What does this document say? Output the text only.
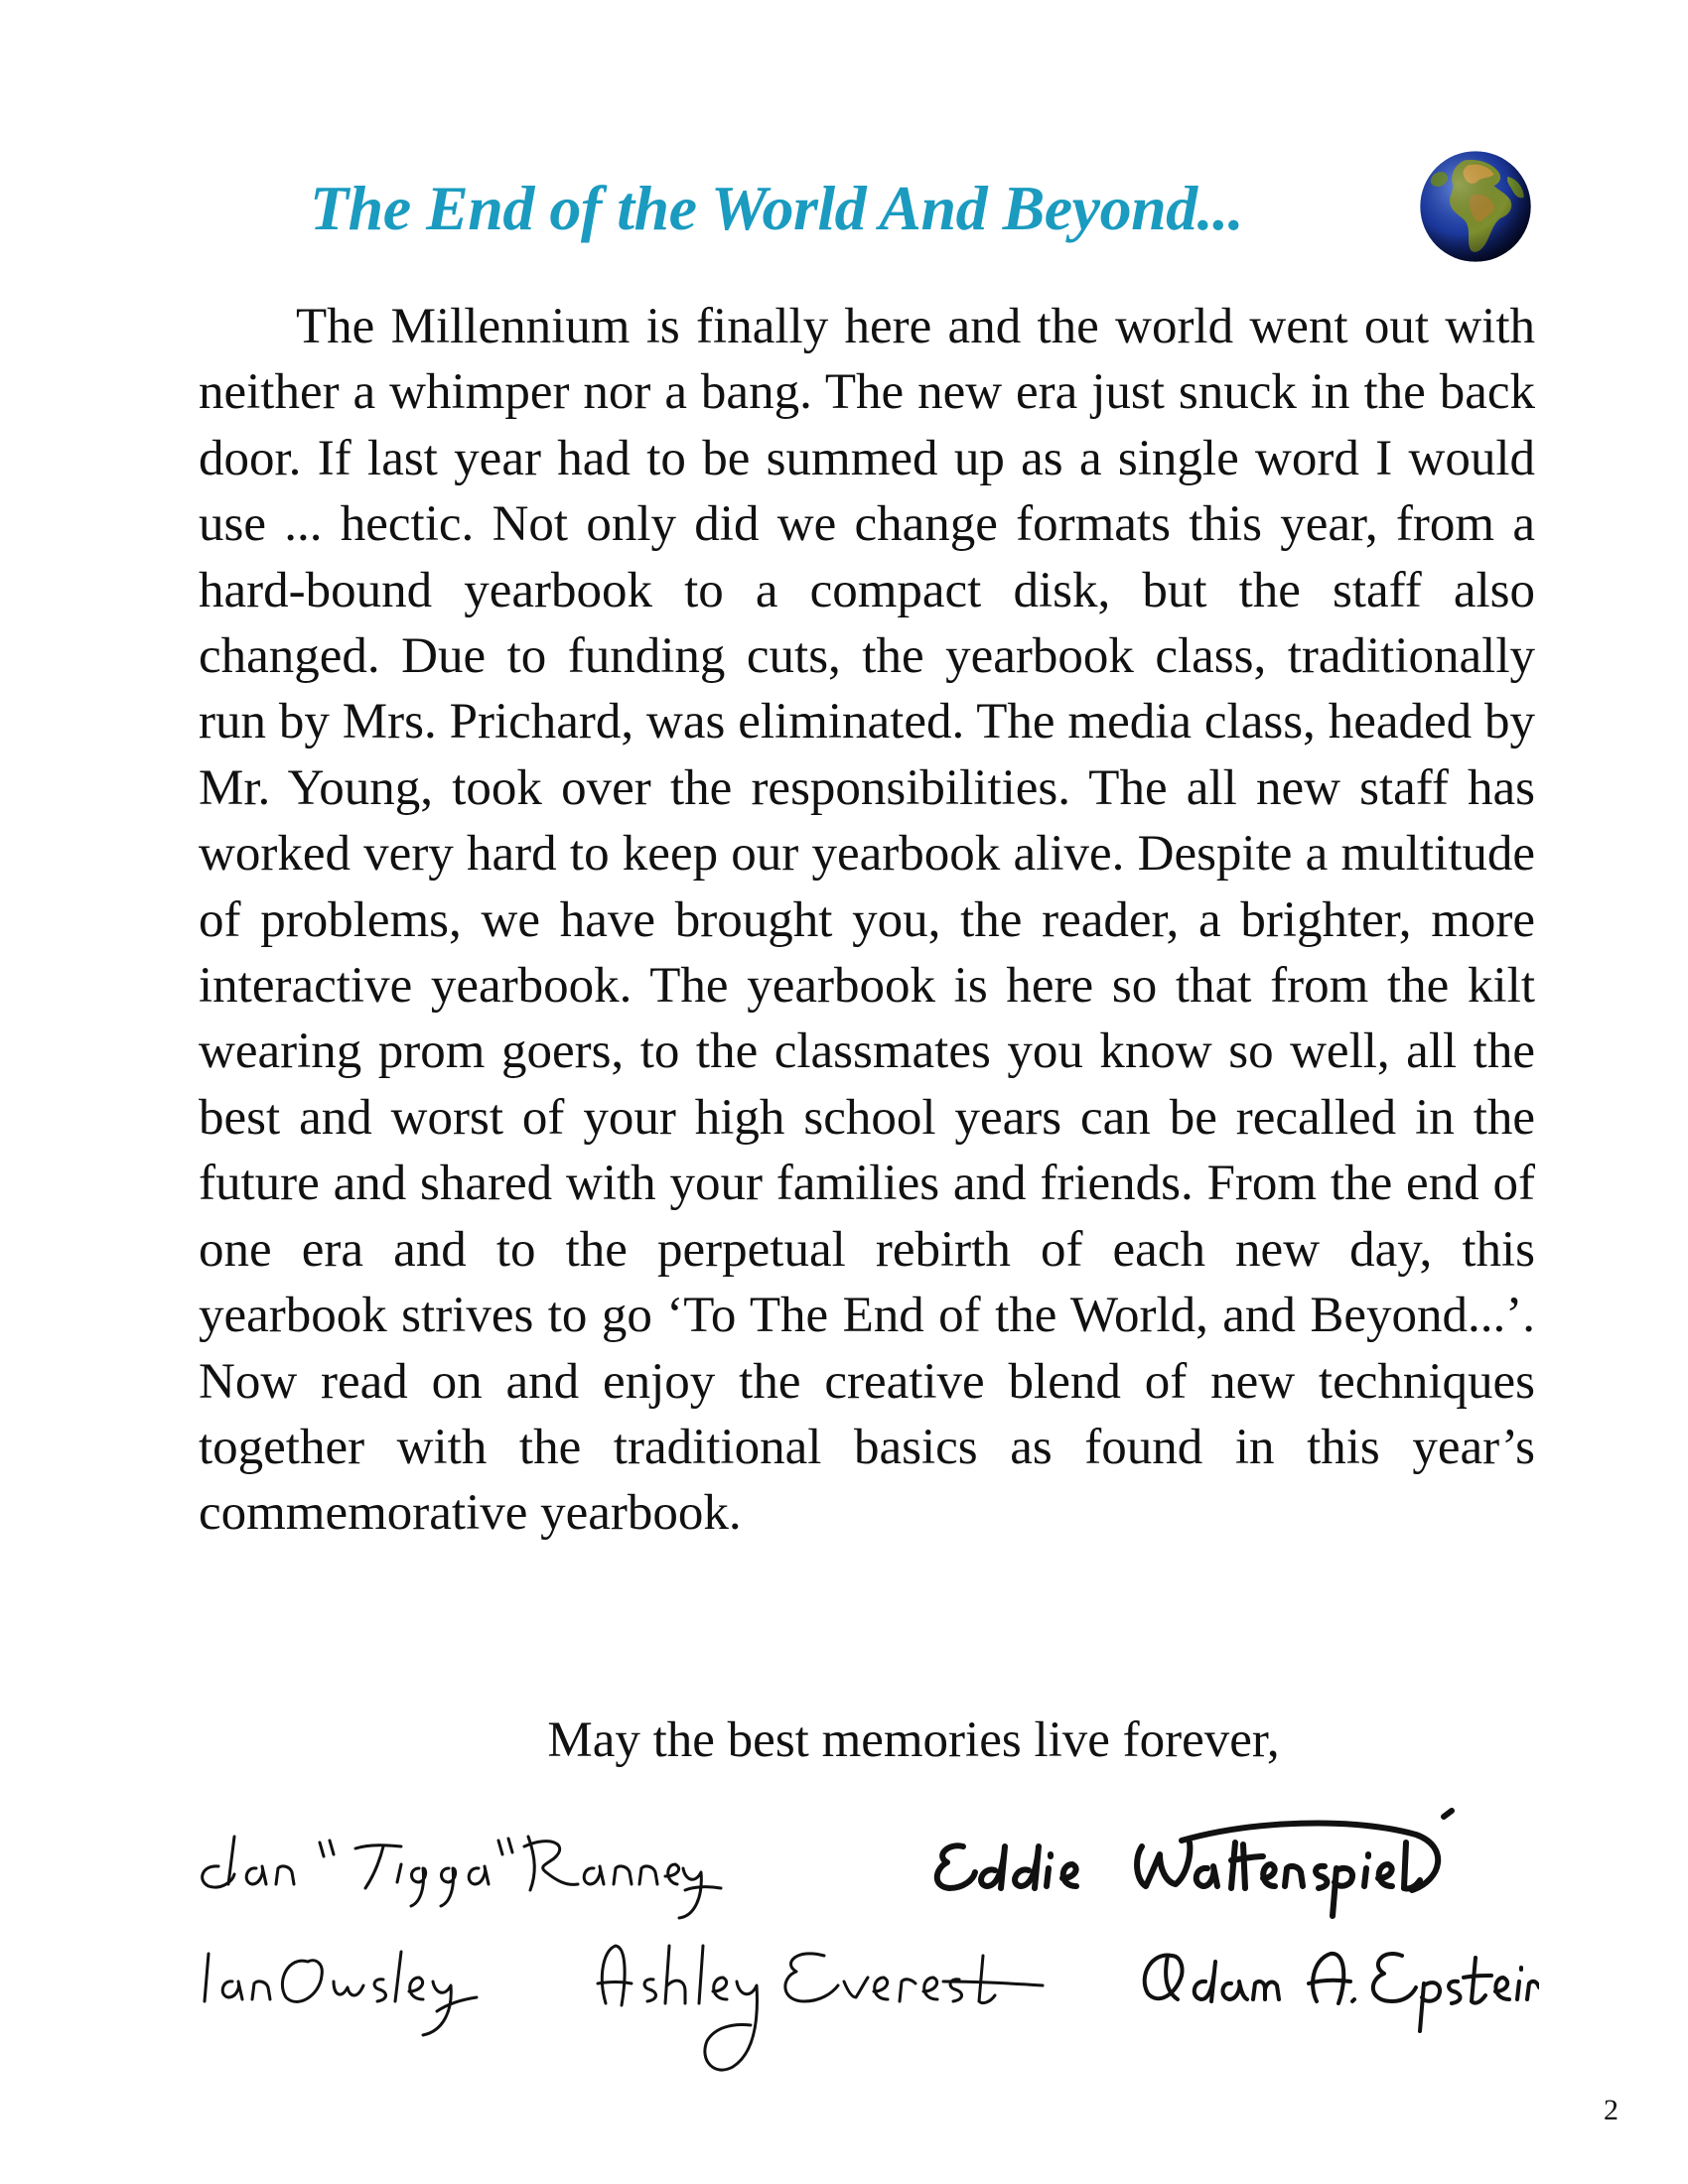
The End of the World And Beyond...

The Millennium is finally here and the world went out with neither a whimper nor a bang. The new era just snuck in the back door. If last year had to be summed up as a single word I would use ... hectic. Not only did we change formats this year, from a hard-bound yearbook to a compact disk, but the staff also changed. Due to funding cuts, the yearbook class, traditionally run by Mrs. Prichard, was eliminated. The media class, headed by Mr. Young, took over the responsibilities. The all new staff has worked very hard to keep our yearbook alive. Despite a multitude of problems, we have brought you, the reader, a brighter, more interactive yearbook. The yearbook is here so that from the kilt wearing prom goers, to the classmates you know so well, all the best and worst of your high school years can be recalled in the future and shared with your families and friends. From the end of one era and to the perpetual rebirth of each new day, this yearbook strives to go ‘To The End of the World, and Beyond...’. Now read on and enjoy the creative blend of new techniques together with the traditional basics as found in this year’s commemorative yearbook.

May the best memories live forever,
2
